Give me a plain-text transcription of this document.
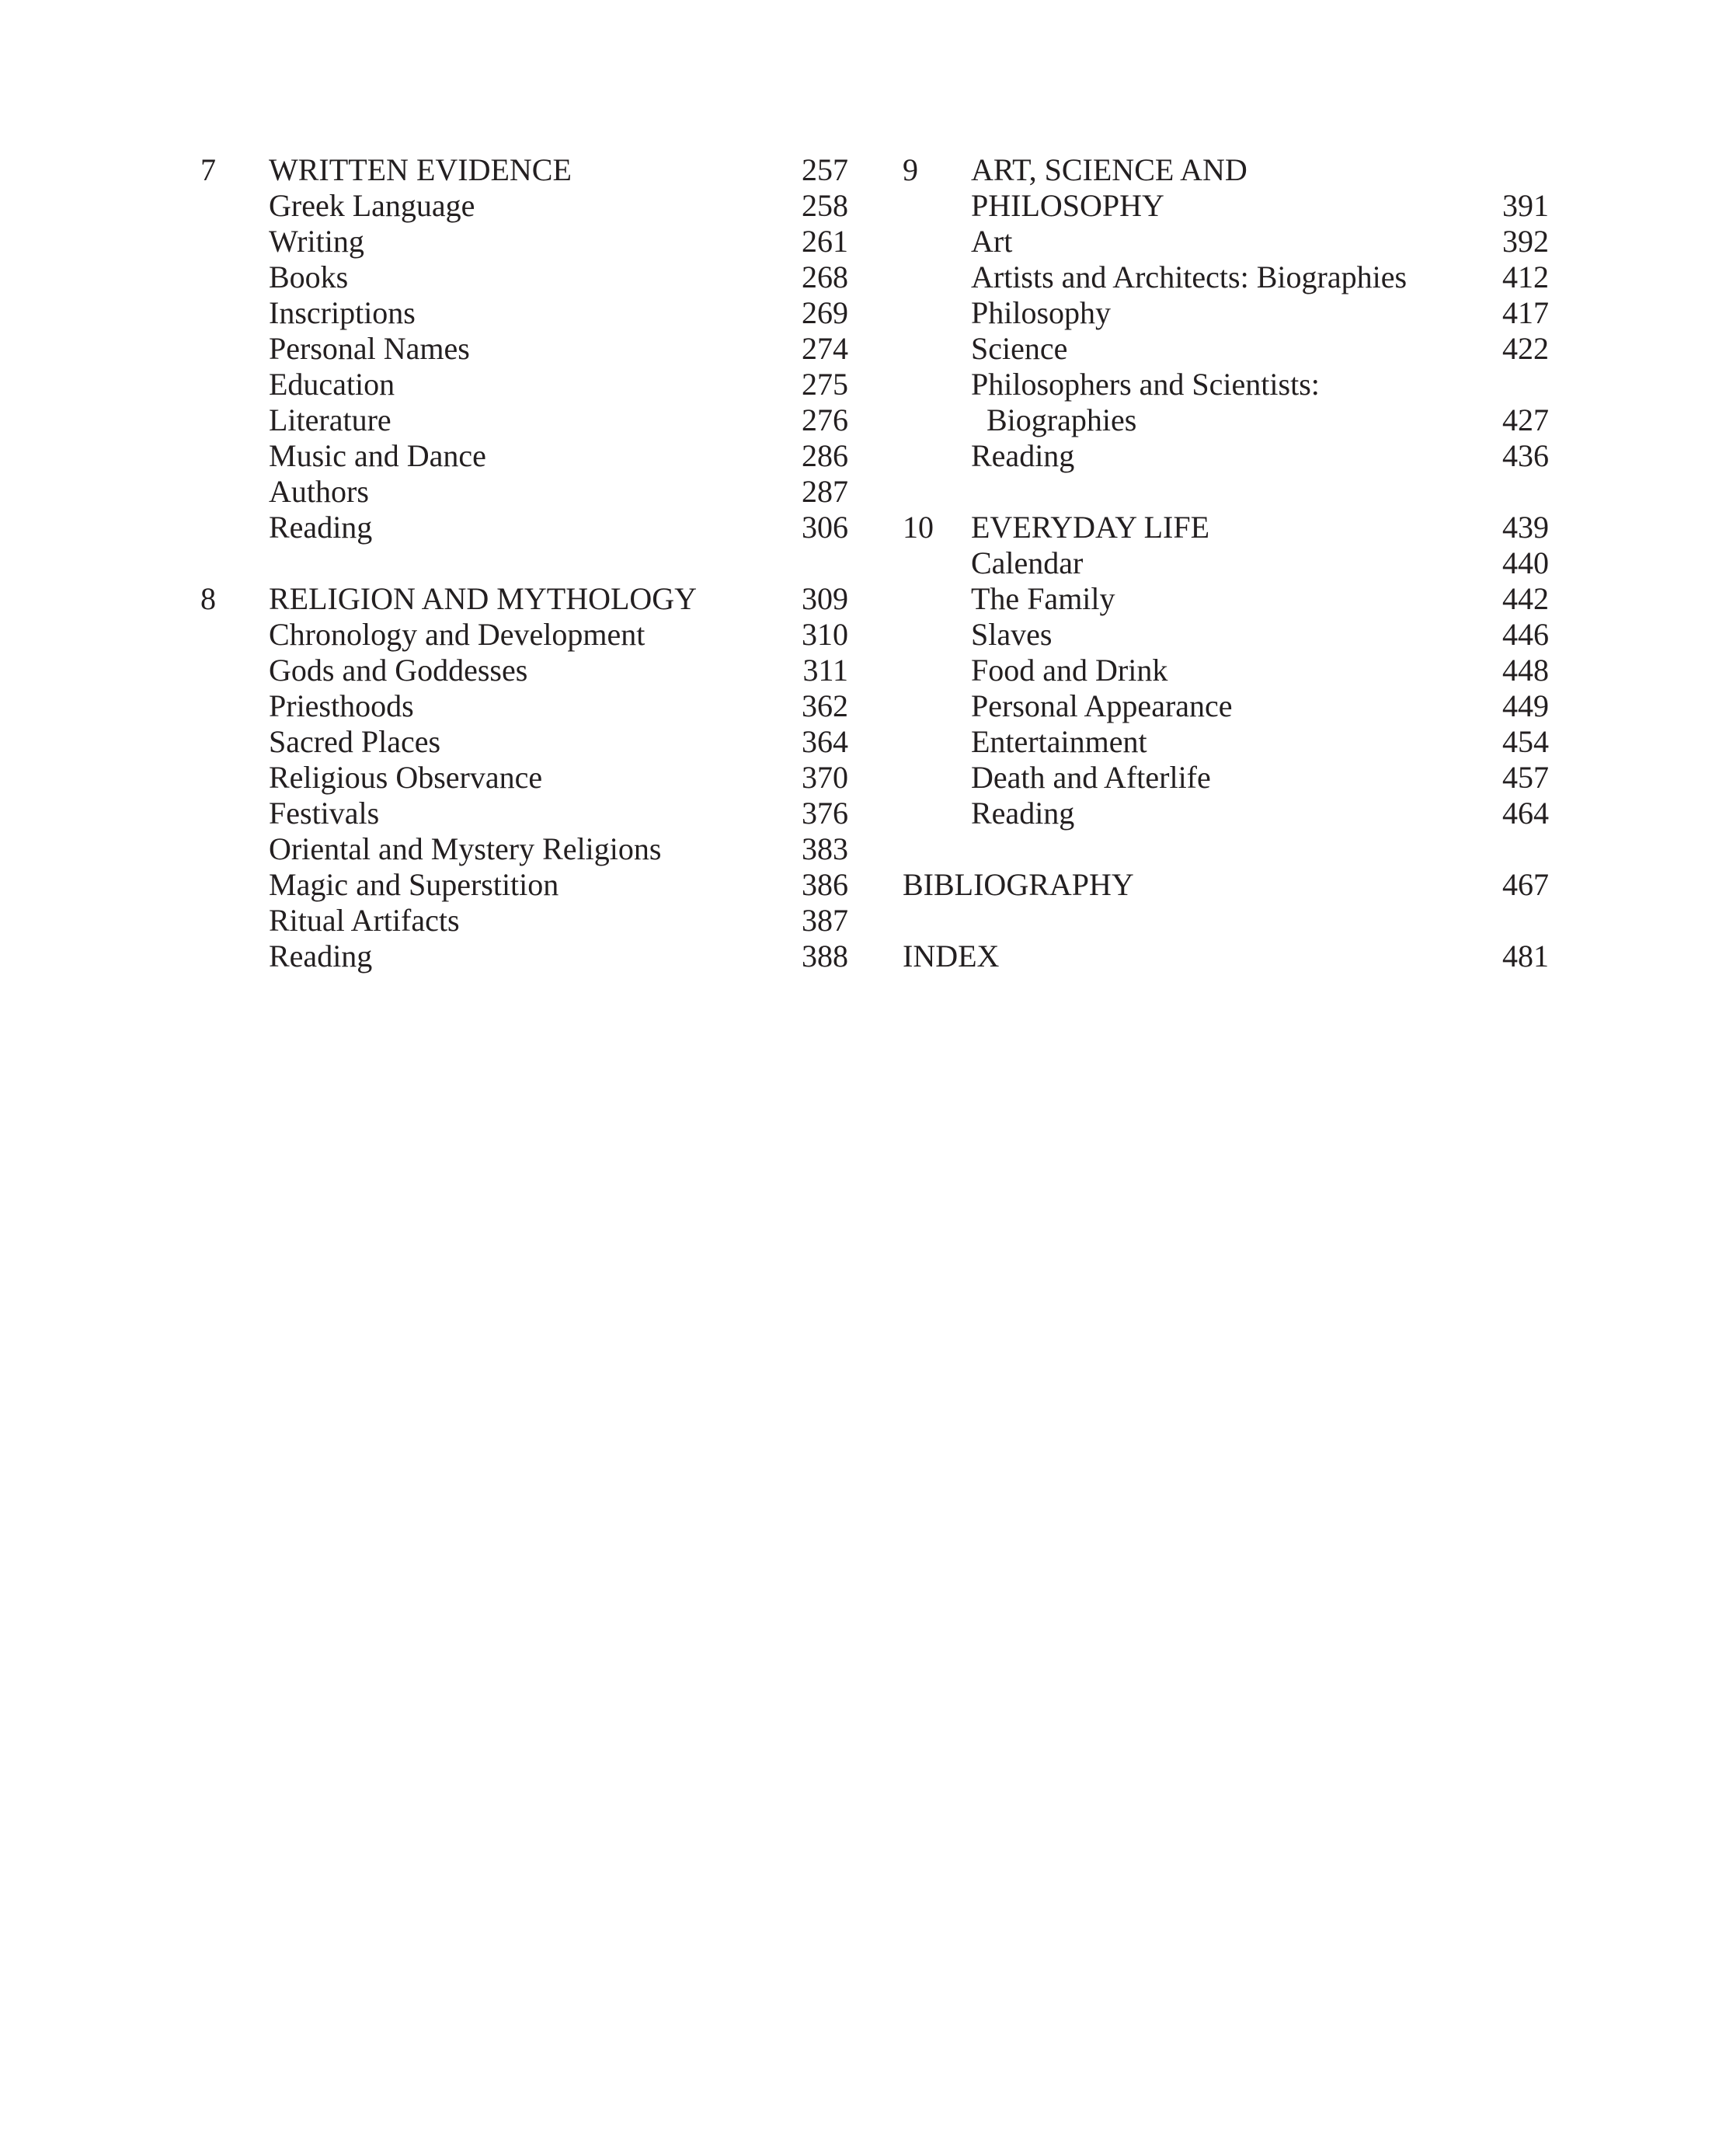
7 WRITTEN EVIDENCE	257
Greek Language	258
Writing	261
Books	268
Inscriptions	269
Personal Names	274
Education	275
Literature	276
Music and Dance	286
Authors	287
Reading	306
8 RELIGION AND MYTHOLOGY	309
Chronology and Development	310
Gods and Goddesses	311
Priesthoods	362
Sacred Places	364
Religious Observance	370
Festivals	376
Oriental and Mystery Religions	383
Magic and Superstition	386
Ritual Artifacts	387
Reading	388
9 ART, SCIENCE AND
PHILOSOPHY	391
Art	392
Artists and Architects: Biographies	412
Philosophy	417
Science	422
Philosophers and Scientists:
Biographies	427
Reading	436
10 EVERYDAY LIFE	439
Calendar	440
The Family	442
Slaves	446
Food and Drink	448
Personal Appearance	449
Entertainment	454
Death and Afterlife	457
Reading	464
BIBLIOGRAPHY	467
INDEX	481
